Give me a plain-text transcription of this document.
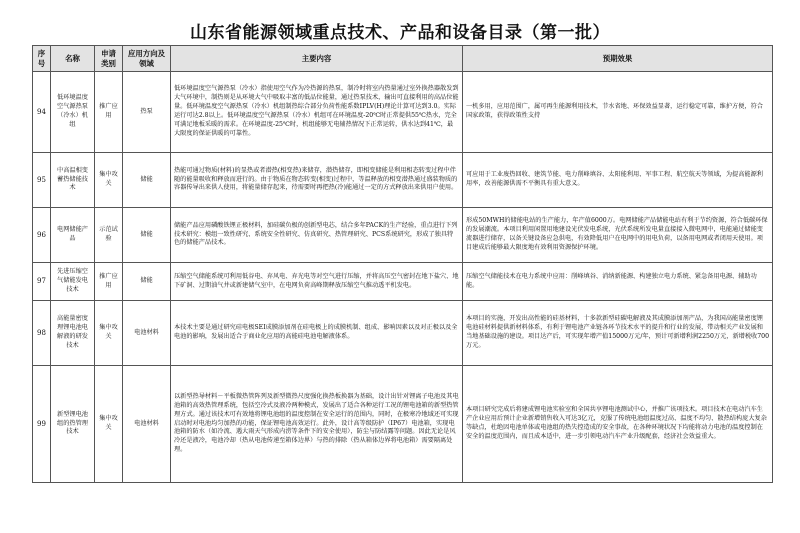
山东省能源领域重点技术、产品和设备目录（第一批）
序号	名称	申请类别	应用方向及领域	主要内容	预期效果
94	低环境温度空气源热泵（冷水）机组	推广应用	热泵	低环境温度空气源热泵（冷水）指使用空气作为冷热源的热泵，制冷时将室内热量通过室外换热器散发到大气环境中，制热则是从环境大气中吸取丰富的低品位能量，通过热泵技术，输出可直接利用的高品位能量。低环境温度空气源热泵（冷水）机组制热综合部分负荷性能系数IPLV(H)理论计算可达到3.0。实际运行可达2.8以上。低环境温度空气源热泵（冷水）机组可在环境温度-20℃时正常提供55℃热水，完全可满足地板采暖的需求。在环境温度-25℃时，机组能够无电辅热情况下正常运转，供水达到41℃，最大限度的保证供暖的可靠性。	一机多用，应用范围广，属可再生能源利用技术，节水省地、环保效益显著，运行稳定可靠，维护方便，符合国家政策，获得政策性支持
95	中高温相变蓄热储能技术	集中攻关	储能	热能可通过物质(材料)的显热或者潜热(相变热)来储存，潜热储存，即相变储能是利用相态转变过程中伴随的能量吸收和释放而进行的。由于物质在物态转变(相变)过程中，等温释放的相变潜热通过盛装物质的容器传导出来供人使用，将能量储存起来，待需要时再把热(冷)能通过一定的方式释放出来供用户使用。	可应用于工业废热回收、建筑节能、电力削峰填谷、太阳能利用、军事工程、航空航天等领域，为提高能源利用率，改善能源供需不平衡具有重大意义。
96	电网储能产品	示范试验	储能	储能产品应用磷酸铁锂正极材料，加硅碳负极的创新型电芯，结合多年PACK的生产经验，重点进行下列技术研究：模组一致性研究、系统安全性研究、仿真研究、热管理研究、PCS系统研究，形成了独具特色的储能产品技术。	形成50MWH的储能电站的生产能力，年产值6000万。电网储能产品储能电站有利于节约资源，符合低碳环保的发展潮流。本项目利用闲置用地建设光伏发电系统，光伏系统所发电量直接接入微电网中，电能通过储能变流器进行储存，以备关键设备应急供电，有效降低用户在电网中的用电负荷，以备用电网或者闭用天使用。项目建成后能够最大限度地有效利用资源保护环境。
97	先进压缩空气储能发电技术	推广应用	储能	压缩空气储能系统可利用低谷电、弃风电、弃光电等对空气进行压缩，并将高压空气密封在地下盐穴、地下矿洞、过期油气井或新建储气室中，在电网负荷高峰期释放压缩空气推动透平机发电。	压缩空气储能技术在电力系统中应用：削峰填谷、消纳新能源、构建独立电力系统、紧急备用电源、辅助功能。
98	高能量密度理锂电池电解液的研发技术	集中攻关	电池材料	本技术主要是通过研究硅电极SEI成膜添加剂在硅电极上的成膜机制、组成、影响因素以及对正极以及全电池的影响，发展出适合于商业化应用的高能硅电池电解液体系。	本项目的实施，开发出高性能的硅基材料，十多款新型硅碳电解液及其成膜添加剂产品，为我国高能量密度锂电池硅材料提供新材料体系，有利于锂电池产业链各环节技术水平的提升和行业的发展，带动相关产业发展和当地基础设施的建设。项目达产后，可实现年增产值15000万元/年，预计可新增利润2250万元，新增税收700万元。
99	新型锂电池组的热管理技术	集中攻关	电池材料	以新型热导材料－平板微热管阵列及新型微热尺度强化换热板换器为基础，设计出针对锂离子电池及其电池箱的高效热管理系统，包括空冷式及液冷两种模式，发展出了适合各种运行工况的锂电池箱的新型热管理方式。通过该技术可有效地将锂电池组的温度控制在安全运行的范围内，同时，在极寒冷地域还可实现启动时对电池均匀加热的功能，保证锂电池高效运行。此外，设计高等级防护（IP67）电池箱，实现电池箱的防水（如冷流、遇大雨天气形成内涝等条件下的安全使用），防尘与防结露等问题。因此无论是风冷还是液冷，电池冷却（热从电池传递至箱体边界）与热的排除（热从箱体边界将电池箱）需要隔离处理。	本项目研究完成后将建成锂电池实验室和全国共享锂电池测试中心，并推广该项技术。项目技术在电动汽车生产企业应用后预计企业新增销售收入可达3亿元，克服了传统电池组温度过高、温度不均匀、散热结构庞大复杂等缺点，杜绝因电池单体或电池组的热失控造成的安全事故，在各种环境状况下均能将动力电池的温度控制在安全的温度范围内，而且成本适中，进一步引领电动汽车产业升级配套，经济社会效益重大。
